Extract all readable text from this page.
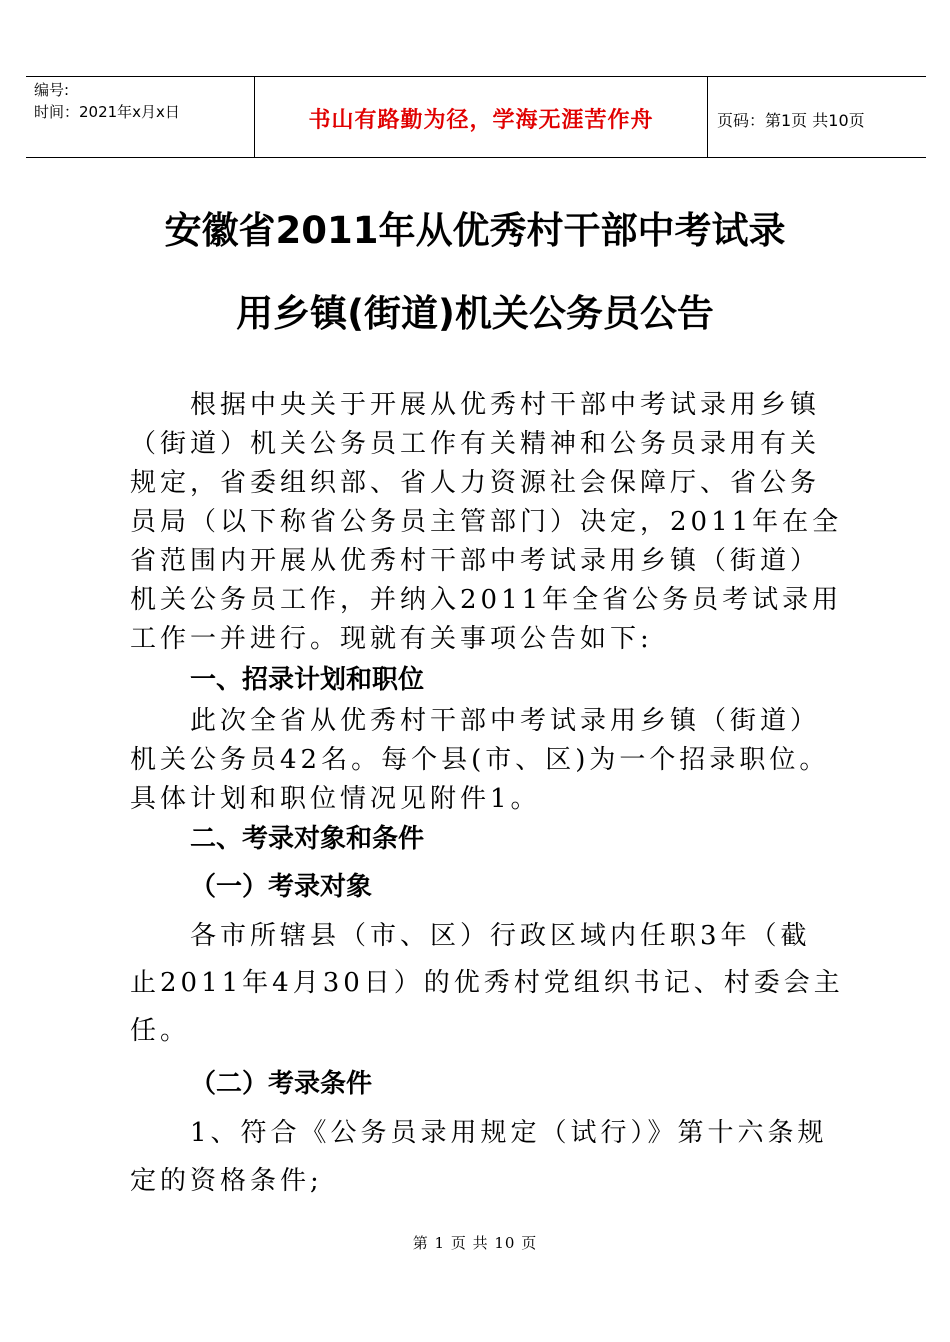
编号:
时间：2021年x月x日	书山有路勤为径，学海无涯苦作舟	页码：第1页 共10页
安徽省2011年从优秀村干部中考试录
用乡镇(街道)机关公务员公告
根据中央关于开展从优秀村干部中考试录用乡镇
（街道）机关公务员工作有关精神和公务员录用有关
规定，省委组织部、省人力资源社会保障厅、省公务
员局（以下称省公务员主管部门）决定，2011年在全
省范围内开展从优秀村干部中考试录用乡镇（街道）
机关公务员工作，并纳入2011年全省公务员考试录用
工作一并进行。现就有关事项公告如下:
一、招录计划和职位
此次全省从优秀村干部中考试录用乡镇（街道）
机关公务员42名。每个县(市、区)为一个招录职位。
具体计划和职位情况见附件1。
二、考录对象和条件
（一）考录对象
各市所辖县（市、区）行政区域内任职3年（截
止2011年4月30日）的优秀村党组织书记、村委会主
任。
（二）考录条件
1、符合《公务员录用规定（试行）》第十六条规
定的资格条件;
第 1 页 共 10 页
